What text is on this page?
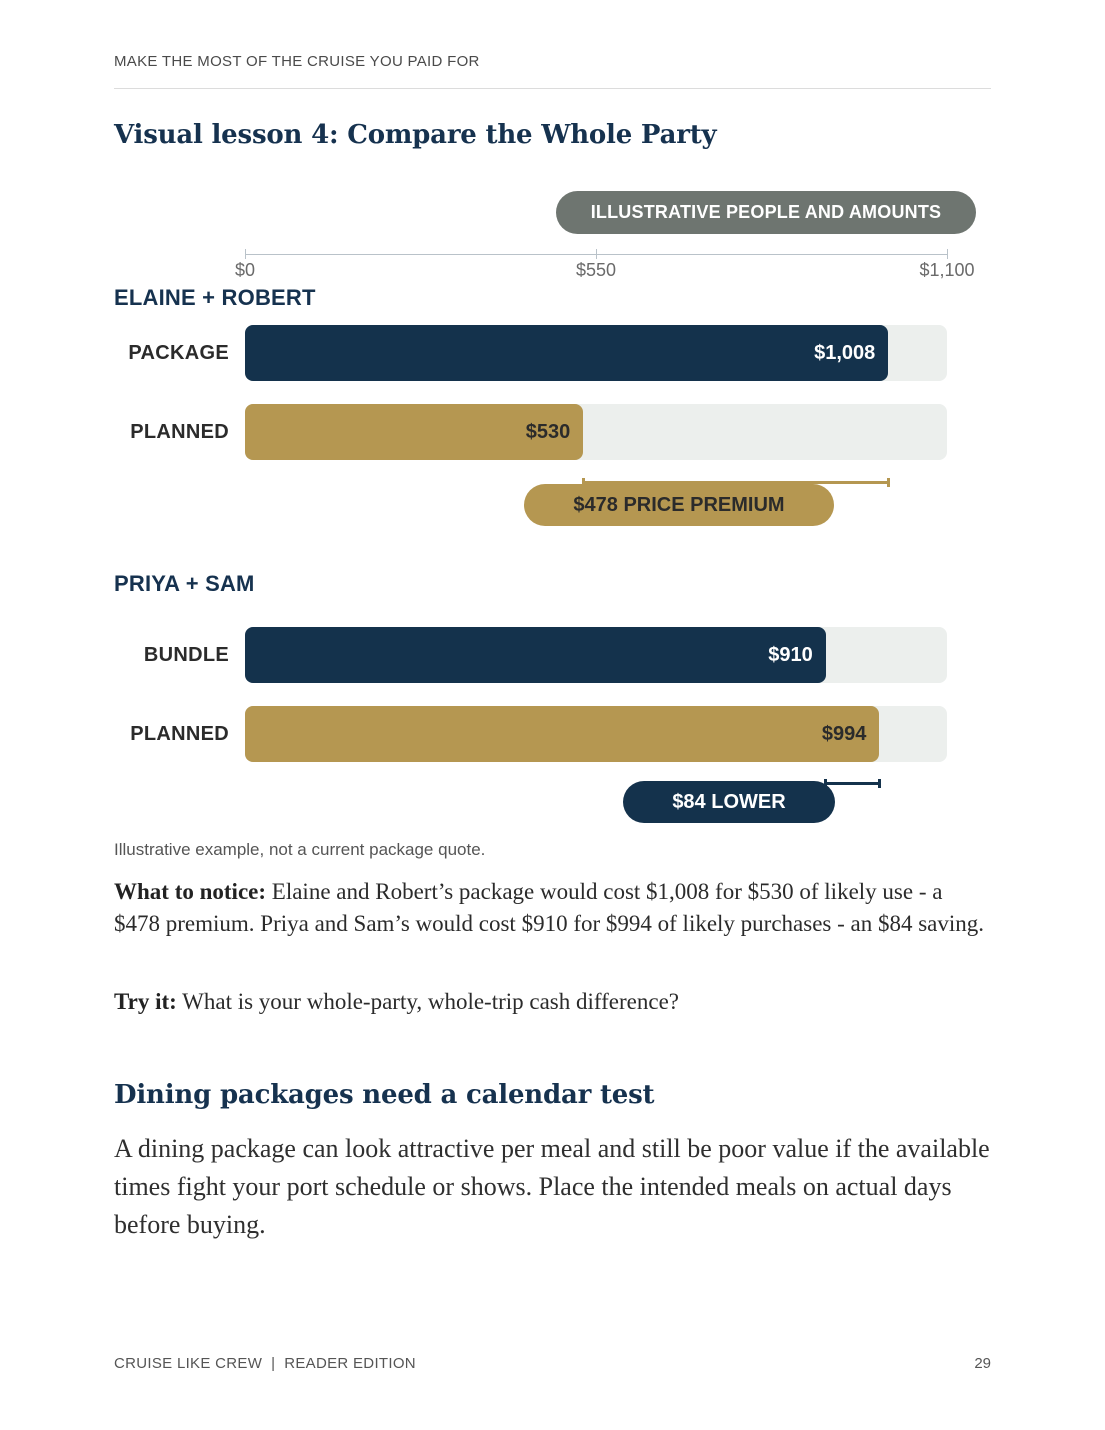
MAKE THE MOST OF THE CRUISE YOU PAID FOR
Visual lesson 4: Compare the Whole Party
ILLUSTRATIVE PEOPLE AND AMOUNTS
$0	$550	$1,100
ELAINE + ROBERT
PACKAGE	$1,008
PLANNED	$530
$478 PRICE PREMIUM
PRIYA + SAM
BUNDLE	$910
PLANNED	$994
$84 LOWER
Illustrative example, not a current package quote.

What to notice: Elaine and Robert’s package would cost $1,008 for $530 of likely use - a $478 premium. Priya and Sam’s would cost $910 for $994 of likely purchases - an $84 saving.

Try it: What is your whole-party, whole-trip cash difference?

Dining packages need a calendar test

A dining package can look attractive per meal and still be poor value if the available times fight your port schedule or shows. Place the intended meals on actual days before buying.

CRUISE LIKE CREW  |  READER EDITION	29
